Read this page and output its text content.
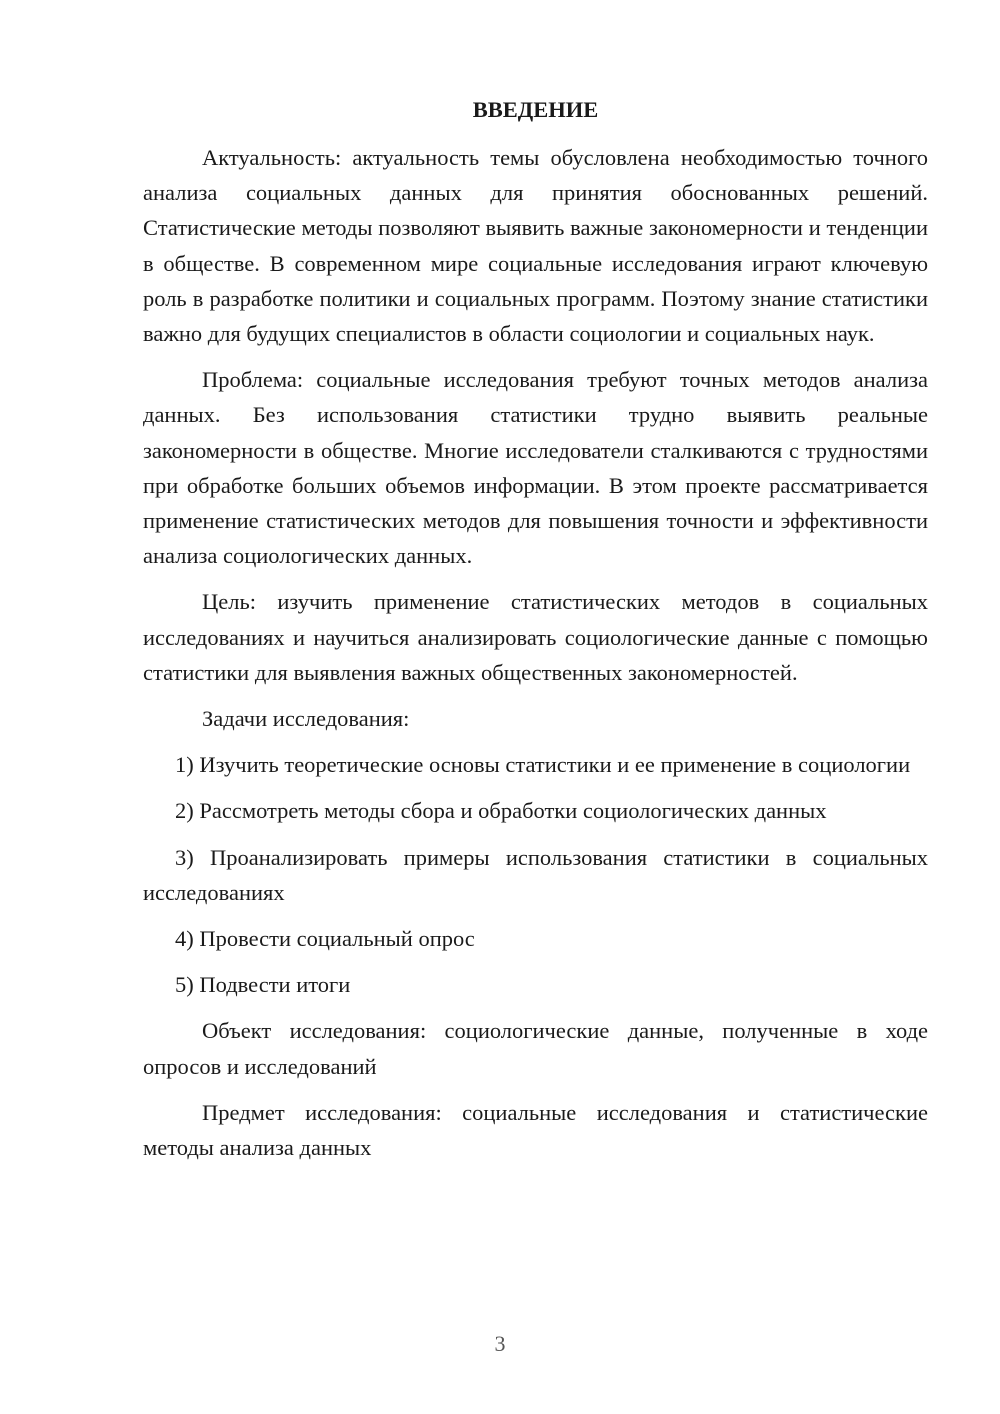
ВВЕДЕНИЕ

Актуальность: актуальность темы обусловлена необходимостью точного анализа социальных данных для принятия обоснованных решений. Статистические методы позволяют выявить важные закономерности и тенденции в обществе. В современном мире социальные исследования играют ключевую роль в разработке политики и социальных программ. Поэтому знание статистики важно для будущих специалистов в области социологии и социальных наук.

Проблема: социальные исследования требуют точных методов анализа данных. Без использования статистики трудно выявить реальные закономерности в обществе. Многие исследователи сталкиваются с трудностями при обработке больших объемов информации. В этом проекте рассматривается применение статистических методов для повышения точности и эффективности анализа социологических данных.

Цель: изучить применение статистических методов в социальных исследованиях и научиться анализировать социологические данные с помощью статистики для выявления важных общественных закономерностей.

Задачи исследования:

1) Изучить теоретические основы статистики и ее применение в социологии

2) Рассмотреть методы сбора и обработки социологических данных

3) Проанализировать примеры использования статистики в социальных исследованиях

4) Провести социальный опрос

5) Подвести итоги

Объект исследования: социологические данные, полученные в ходе опросов и исследований

Предмет исследования: социальные исследования и статистические методы анализа данных

3
